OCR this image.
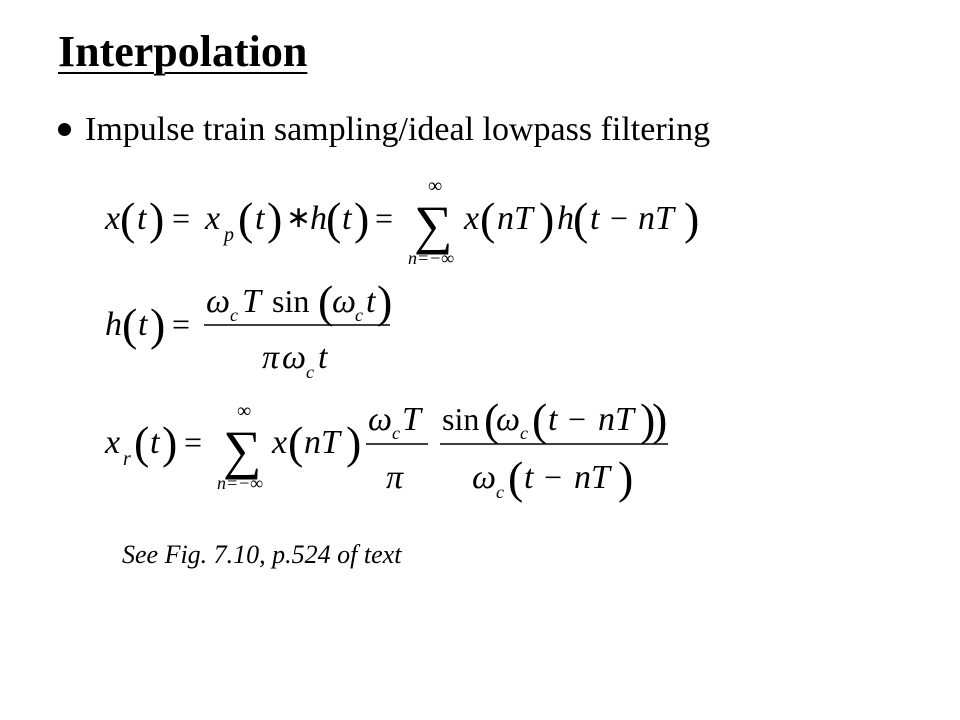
Interpolation
Impulse train sampling/ideal lowpass filtering
x ( t ) = x p ( t ) ∗
h ( t ) =
∞
∑
n=−∞
x ( nT ) h ( t − nT )
h ( t ) =
ω c T sin (
ω
c t )
π ω c t
x r ( t ) =
∞
∑
n=−∞
x ( nT ) ω c T
π
sin (
ω c ( t − nT )
)
ω c ( t − nT )
See Fig. 7.10, p.524 of text
